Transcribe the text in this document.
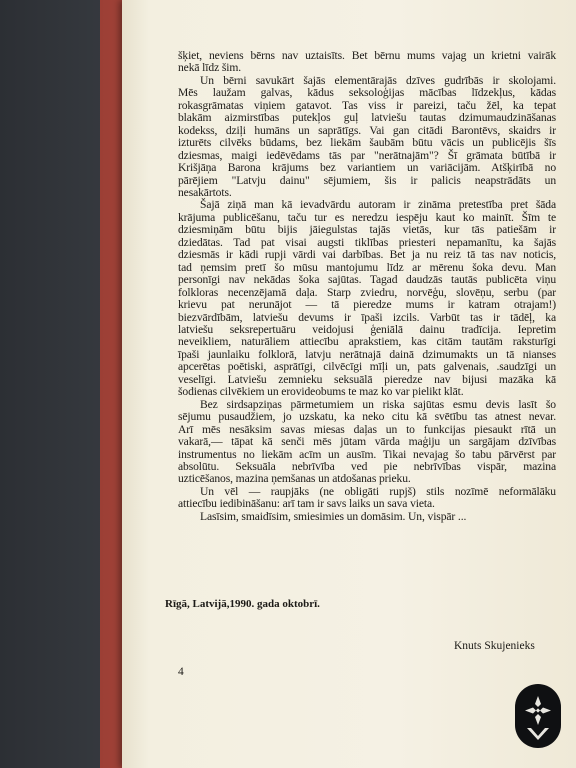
šķiet, neviens bērns nav uztaisīts. Bet bērnu mums vajag un krietni vairāk
nekā līdz šim.
Un bērni savukārt šajās elementārajās dzīves gudrībās ir skolojami.
Mēs laužam galvas, kādus seksoloģijas mācības līdzekļus, kādas
rokasgrāmatas viņiem gatavot. Tas viss ir pareizi, taču žēl, ka tepat
blakām aizmirstības putekļos guļ latviešu tautas dzimumaudzināšanas
kodekss, dziļi humāns un saprātīgs. Vai gan citādi Barontēvs, skaidrs ir
izturēts cilvēks būdams, bez liekām šaubām būtu vācis un publicējis šīs
dziesmas, maigi iedēvēdams tās par "nerātnajām"? Šī grāmata būtībā ir
Krišjāņa Barona krājums bez variantiem un variācijām. Atšķirībā no
pārējiem "Latvju dainu" sējumiem, šis ir palicis neapstrādāts un
nesakārtots.
Šajā ziņā man kā ievadvārdu autoram ir zināma pretestība pret šāda
krājuma publicēšanu, taču tur es neredzu iespēju kaut ko mainīt. Šīm te
dziesmiņām būtu bijis jāiegulstas tajās vietās, kur tās patiešām ir
dziedātas. Tad pat visai augsti tiklības priesteri nepamanītu, ka šajās
dziesmās ir kādi rupji vārdi vai darbības. Bet ja nu reiz tā tas nav noticis,
tad ņemsim pretī šo mūsu mantojumu līdz ar mērenu šoka devu. Man
personīgi nav nekādas šoka sajūtas. Tagad daudzās tautās publicēta viņu
folkloras necenzējamā daļa. Starp zviedru, norvēģu, slovēņu, serbu (par
krievu pat nerunājot — tā pieredze mums ir katram otrajam!)
biezvārdībām, latviešu devums ir īpaši izcils. Varbūt tas ir tādēļ, ka
latviešu seksrepertuāru veidojusi ģeniālā dainu tradīcija. Iepretim
neveikliem, naturāliem attiecību aprakstiem, kas citām tautām raksturīgi
īpaši jaunlaiku folklorā, latvju nerātnajā dainā dzimumakts un tā nianses
apcerētas poētiski, asprātīgi, cilvēcīgi mīļi un, pats galvenais, .saudzīgi un
veselīgi. Latviešu zemnieku seksuālā pieredze nav bijusi mazāka kā
šodienas cilvēkiem un erovideobums te maz ko var pielikt klāt.
Bez sirdsapziņas pārmetumiem un riska sajūtas esmu devis lasīt šo
sējumu pusaudžiem, jo uzskatu, ka neko citu kā svētību tas atnest nevar.
Arī mēs nesāksim savas miesas daļas un to funkcijas piesaukt rītā un
vakarā,— tāpat kā senči mēs jūtam vārda maģiju un sargājam dzīvības
instrumentus no liekām acīm un ausīm. Tikai nevajag šo tabu pārvērst par
absolūtu. Seksuāla nebrīvība ved pie nebrīvības vispār, mazina
uzticēšanos, mazina ņemšanas un atdošanas prieku.
Un vēl — raupjāks (ne obligāti rupjš) stils nozīmē neformālāku
attiecību iedibināšanu: arī tam ir savs laiks un sava vieta.
Lasīsim, smaidīsim, smiesimies un domāsim. Un, vispār ...
Rīgā, Latvijā,1990. gada oktobrī.
Knuts Skujenieks
4
